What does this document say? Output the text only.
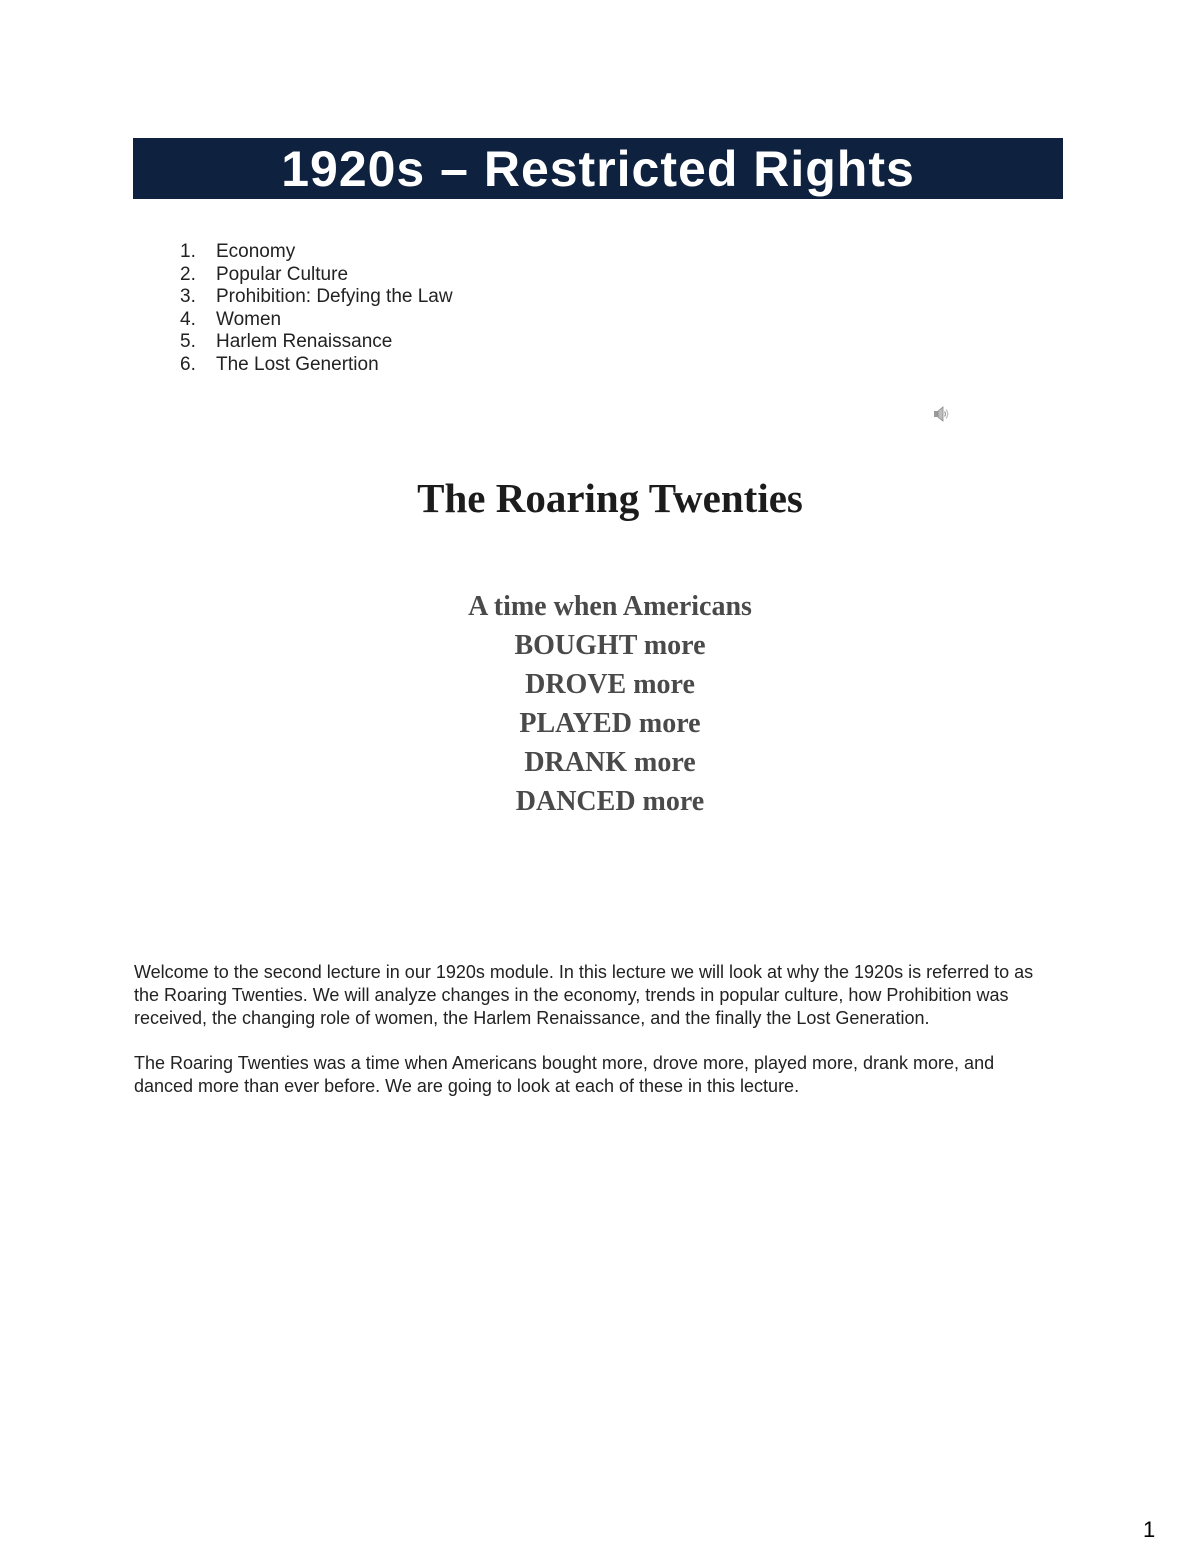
1920s – Restricted Rights
1.	Economy
2.	Popular Culture
3.	Prohibition: Defying the Law
4.	Women
5.	Harlem Renaissance
6.	The Lost Genertion
The Roaring Twenties
A time when Americans
BOUGHT more
DROVE more
PLAYED more
DRANK more
DANCED more

Welcome to the second lecture in our 1920s module. In this lecture we will look at why the 1920s is referred to as the Roaring Twenties. We will analyze changes in the economy, trends in popular culture, how Prohibition was received, the changing role of women, the Harlem Renaissance, and the finally the Lost Generation.

The Roaring Twenties was a time when Americans bought more, drove more, played more, drank more, and danced more than ever before. We are going to look at each of these in this lecture.

1
